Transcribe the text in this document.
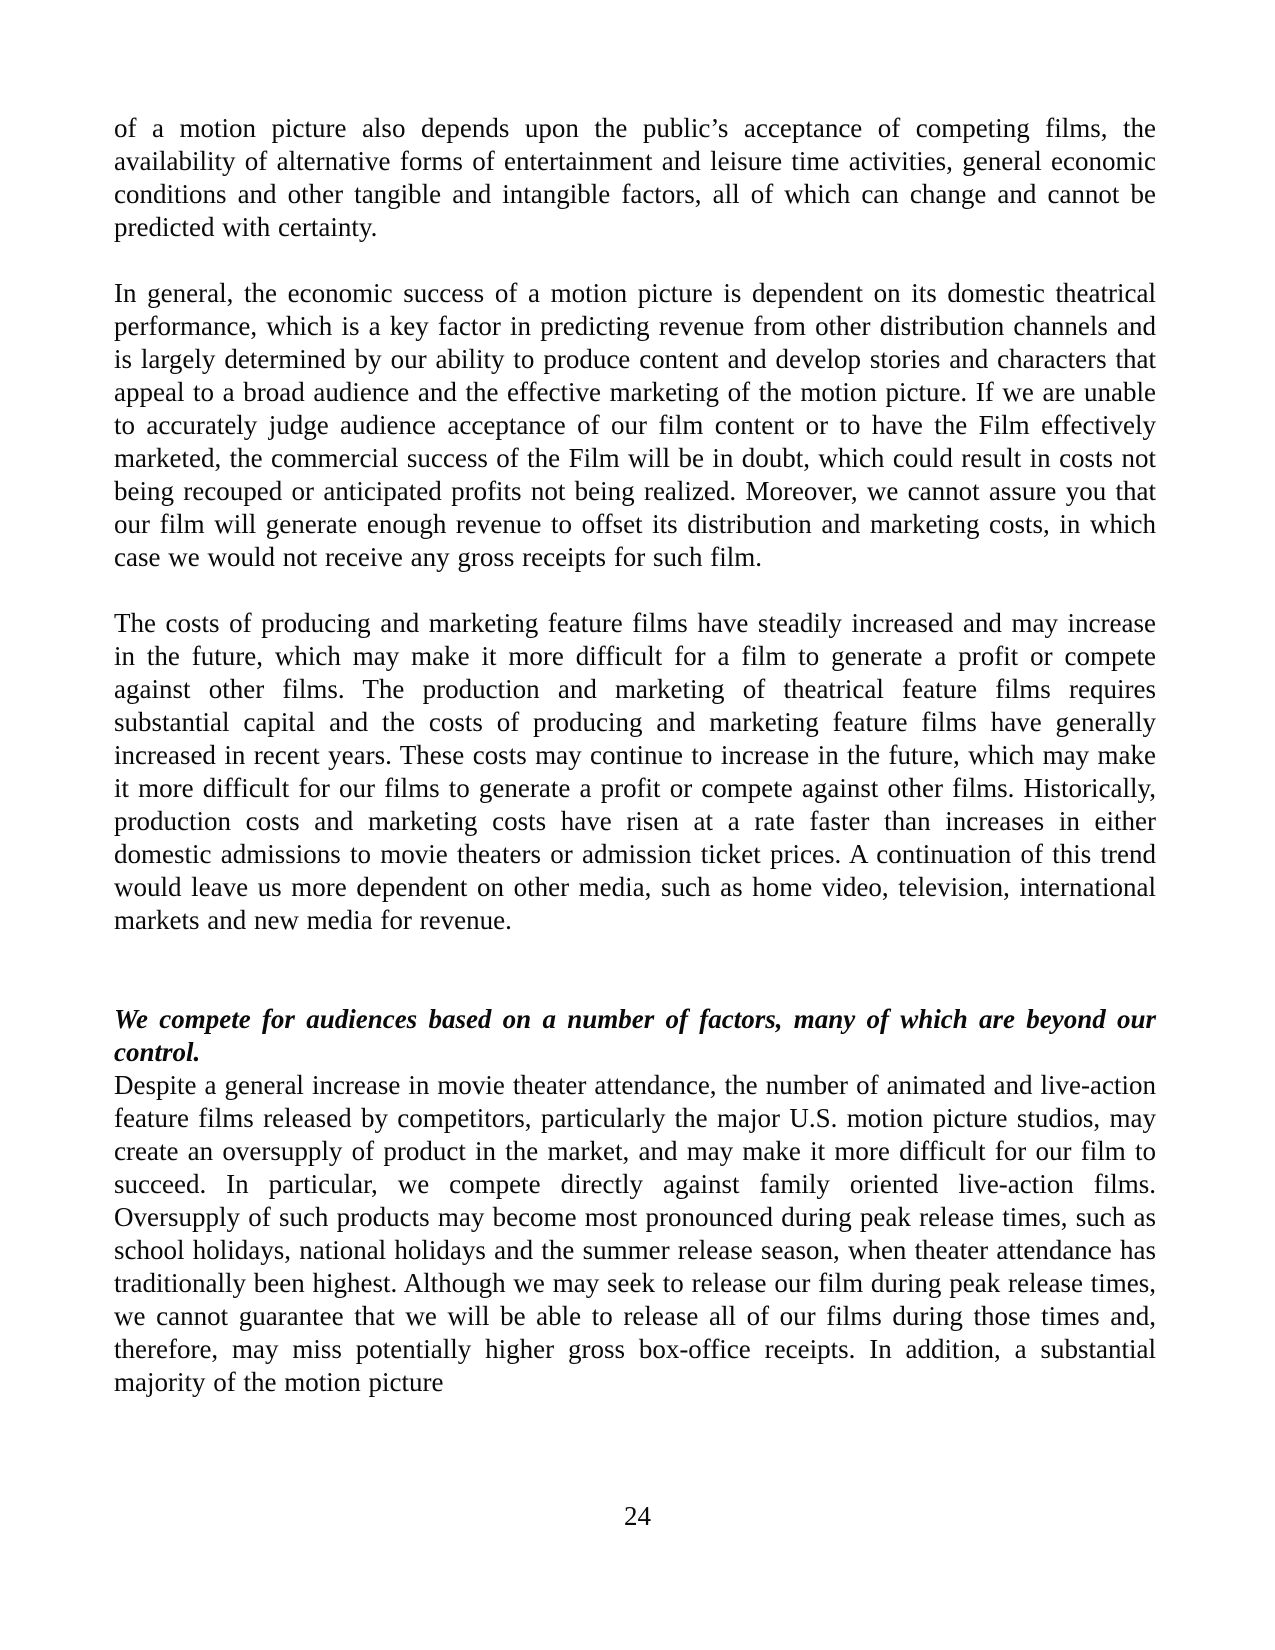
of a motion picture also depends upon the public’s acceptance of competing films, the availability of alternative forms of entertainment and leisure time activities, general economic conditions and other tangible and intangible factors, all of which can change and cannot be predicted with certainty.

In general, the economic success of a motion picture is dependent on its domestic theatrical performance, which is a key factor in predicting revenue from other distribution channels and is largely determined by our ability to produce content and develop stories and characters that appeal to a broad audience and the effective marketing of the motion picture. If we are unable to accurately judge audience acceptance of our film content or to have the Film effectively marketed, the commercial success of the Film will be in doubt, which could result in costs not being recouped or anticipated profits not being realized. Moreover, we cannot assure you that our film will generate enough revenue to offset its distribution and marketing costs, in which case we would not receive any gross receipts for such film.

The costs of producing and marketing feature films have steadily increased and may increase in the future, which may make it more difficult for a film to generate a profit or compete against other films. The production and marketing of theatrical feature films requires substantial capital and the costs of producing and marketing feature films have generally increased in recent years. These costs may continue to increase in the future, which may make it more difficult for our films to generate a profit or compete against other films. Historically, production costs and marketing costs have risen at a rate faster than increases in either domestic admissions to movie theaters or admission ticket prices. A continuation of this trend would leave us more dependent on other media, such as home video, television, international markets and new media for revenue.

We compete for audiences based on a number of factors, many of which are beyond our control.

Despite a general increase in movie theater attendance, the number of animated and live-action feature films released by competitors, particularly the major U.S. motion picture studios, may create an oversupply of product in the market, and may make it more difficult for our film to succeed. In particular, we compete directly against family oriented live-action films. Oversupply of such products may become most pronounced during peak release times, such as school holidays, national holidays and the summer release season, when theater attendance has traditionally been highest. Although we may seek to release our film during peak release times, we cannot guarantee that we will be able to release all of our films during those times and, therefore, may miss potentially higher gross box-office receipts. In addition, a substantial majority of the motion picture

24
